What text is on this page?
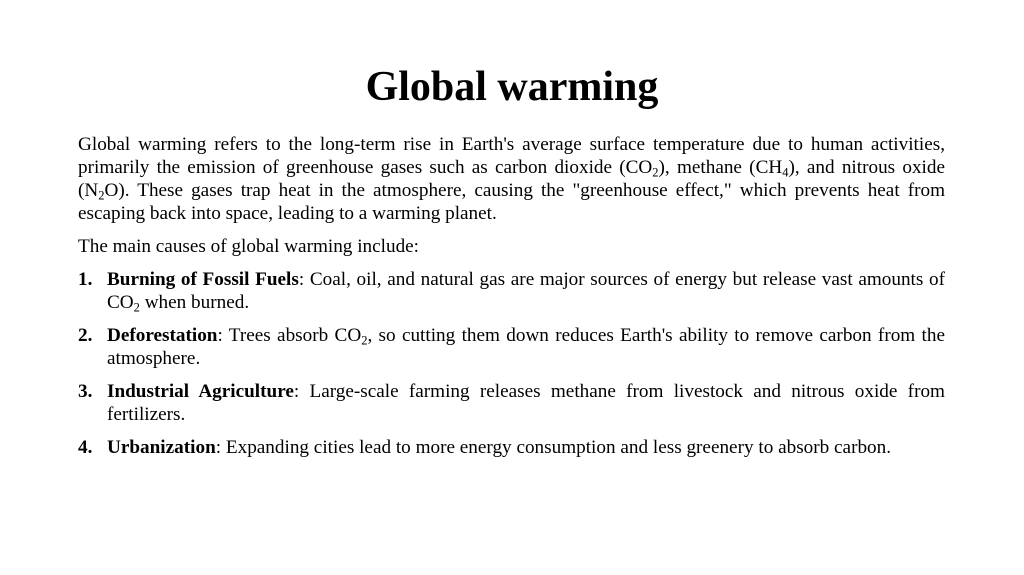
Global warming

Global warming refers to the long-term rise in Earth's average surface temperature due to human activities, primarily the emission of greenhouse gases such as carbon dioxide $(CO_2)$, methane $(CH_4)$, and nitrous oxide $(N_2O)$. These gases trap heat in the atmosphere, causing the "greenhouse effect," which prevents heat from escaping back into space, leading to a warming planet.

The main causes of global warming include:

1. Burning of Fossil Fuels: Coal, oil, and natural gas are major sources of energy but release vast amounts of $CO_2$ when burned.
2. Deforestation: Trees absorb $CO_2$, so cutting them down reduces Earth's ability to remove carbon from the atmosphere.
3. Industrial Agriculture: Large-scale farming releases methane from livestock and nitrous oxide from fertilizers.
4. Urbanization: Expanding cities lead to more energy consumption and less greenery to absorb carbon.
